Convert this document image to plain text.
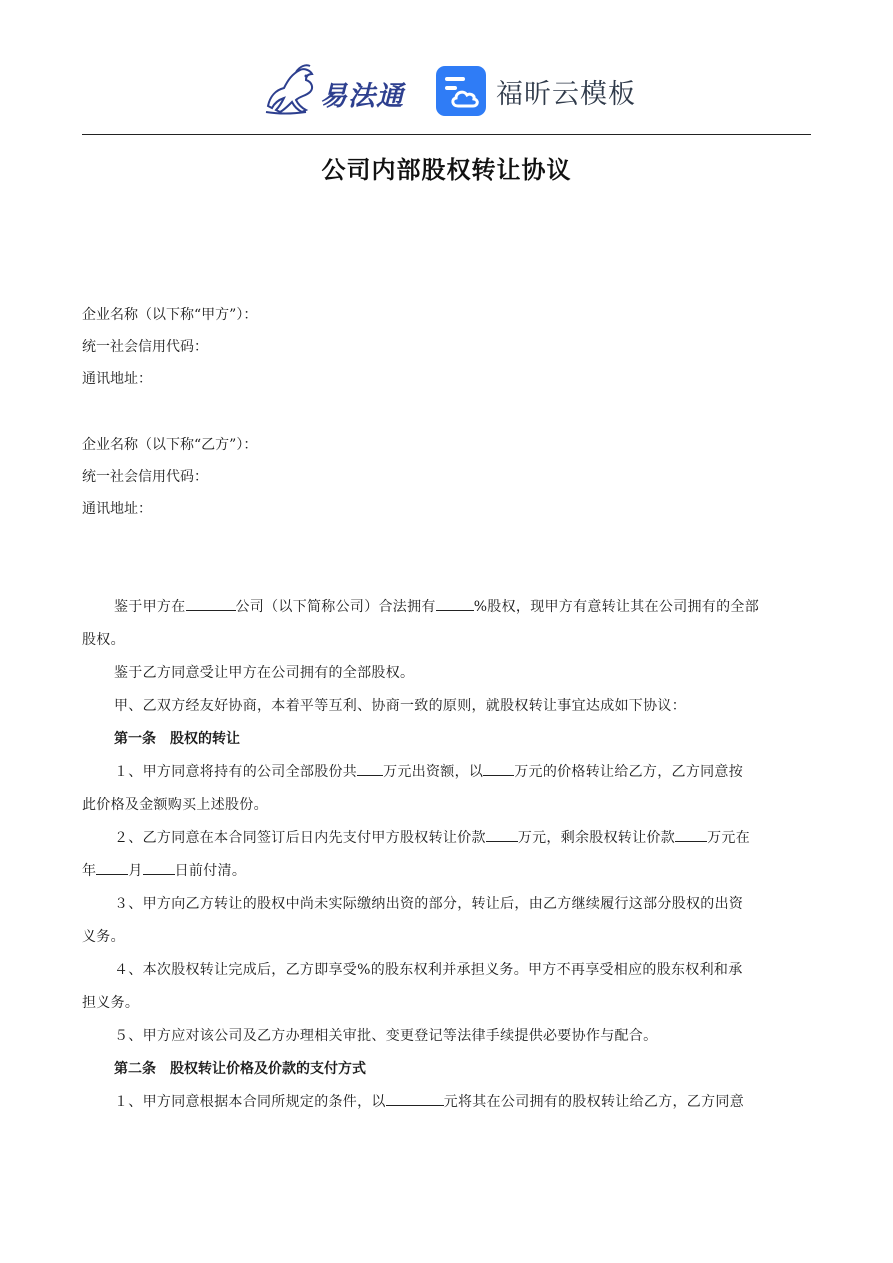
易法通	福昕云模板
公司内部股权转让协议
企业名称（以下称“甲方”）：
统一社会信用代码：
通讯地址：
企业名称（以下称“乙方”）：
统一社会信用代码：
通讯地址：

鉴于甲方在	公司（以下简称公司）合法拥有	%股权，现甲方有意转让其在公司拥有的全部

股权。

鉴于乙方同意受让甲方在公司拥有的全部股权。

甲、乙双方经友好协商，本着平等互利、协商一致的原则，就股权转让事宜达成如下协议：

第一条　股权的转让

１、甲方同意将持有的公司全部股份共 万元出资额，以 万元的价格转让给乙方，乙方同意按

此价格及金额购买上述股份。

２、乙方同意在本合同签订后日内先支付甲方股权转让价款 万元，剩余股权转让价款 万元在

年 月 日前付清。

３、甲方向乙方转让的股权中尚未实际缴纳出资的部分，转让后，由乙方继续履行这部分股权的出资

义务。

４、本次股权转让完成后，乙方即享受%的股东权利并承担义务。甲方不再享受相应的股东权利和承

担义务。

５、甲方应对该公司及乙方办理相关审批、变更登记等法律手续提供必要协作与配合。

第二条　股权转让价格及价款的支付方式

１、甲方同意根据本合同所规定的条件，以	元将其在公司拥有的股权转让给乙方，乙方同意
